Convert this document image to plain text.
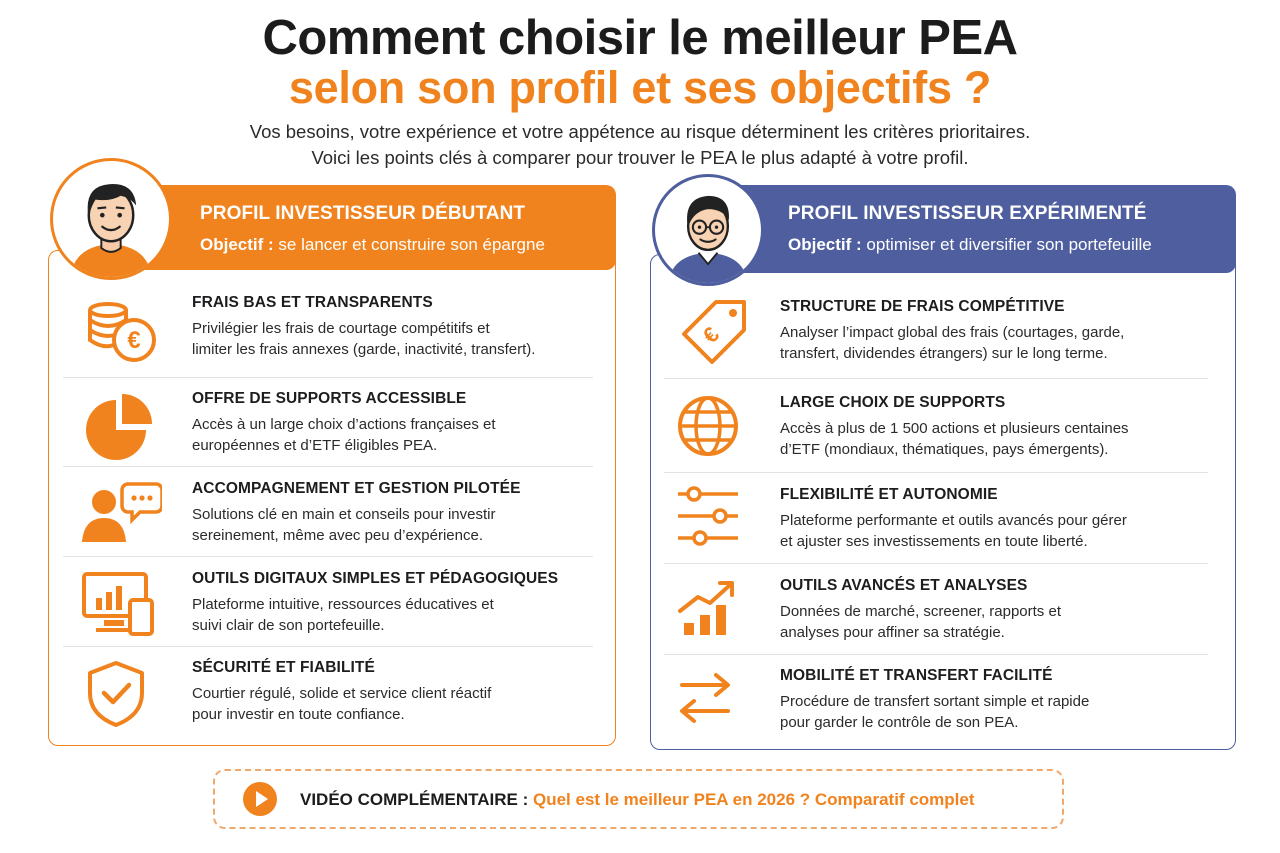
Comment choisir le meilleur PEA
selon son profil et ses objectifs ?
Vos besoins, votre expérience et votre appétence au risque déterminent les critères prioritaires.
Voici les points clés à comparer pour trouver le PEA le plus adapté à votre profil.
PROFIL INVESTISSEUR DÉBUTANT
Objectif : se lancer et construire son épargne
€
FRAIS BAS ET TRANSPARENTS
Privilégier les frais de courtage compétitifs et
limiter les frais annexes (garde, inactivité, transfert).
OFFRE DE SUPPORTS ACCESSIBLE
Accès à un large choix d’actions françaises et
européennes et d’ETF éligibles PEA.
ACCOMPAGNEMENT ET GESTION PILOTÉE
Solutions clé en main et conseils pour investir
sereinement, même avec peu d’expérience.
OUTILS DIGITAUX SIMPLES ET PÉDAGOGIQUES
Plateforme intuitive, ressources éducatives et
suivi clair de son portefeuille.
SÉCURITÉ ET FIABILITÉ
Courtier régulé, solide et service client réactif
pour investir en toute confiance.
PROFIL INVESTISSEUR EXPÉRIMENTÉ
Objectif : optimiser et diversifier son portefeuille
€
STRUCTURE DE FRAIS COMPÉTITIVE
Analyser l’impact global des frais (courtages, garde,
transfert, dividendes étrangers) sur le long terme.
LARGE CHOIX DE SUPPORTS
Accès à plus de 1 500 actions et plusieurs centaines
d’ETF (mondiaux, thématiques, pays émergents).
FLEXIBILITÉ ET AUTONOMIE
Plateforme performante et outils avancés pour gérer
et ajuster ses investissements en toute liberté.
OUTILS AVANCÉS ET ANALYSES
Données de marché, screener, rapports et
analyses pour affiner sa stratégie.
MOBILITÉ ET TRANSFERT FACILITÉ
Procédure de transfert sortant simple et rapide
pour garder le contrôle de son PEA.
VIDÉO COMPLÉMENTAIRE : Quel est le meilleur PEA en 2026 ? Comparatif complet
